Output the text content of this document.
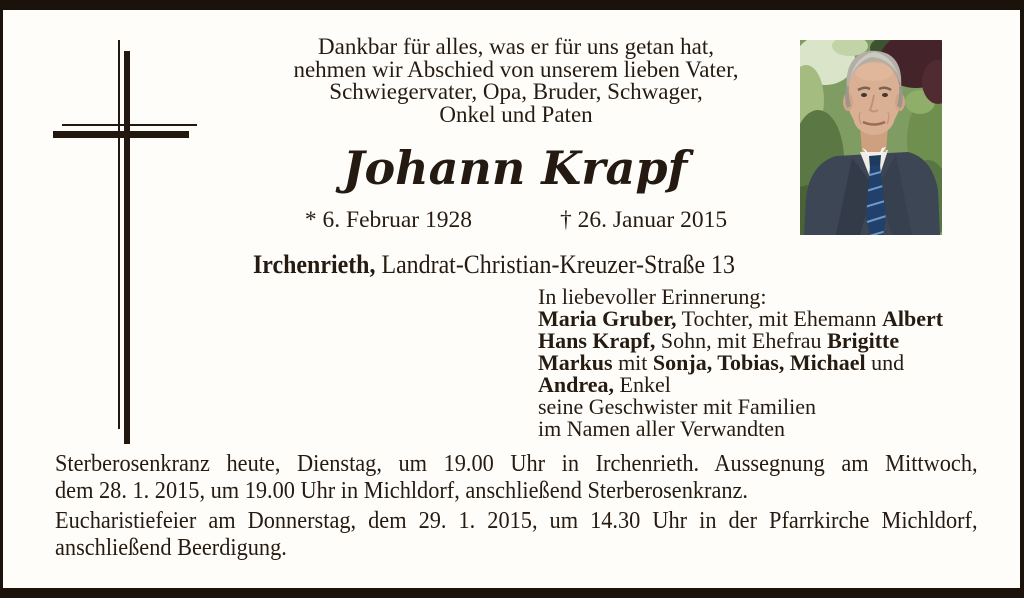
Dankbar für alles, was er für uns getan hat,
nehmen wir Abschied von unserem lieben Vater,
Schwiegervater, Opa, Bruder, Schwager,
Onkel und Paten
Johann Krapf
* 6. Februar 1928	† 26. Januar 2015
Irchenrieth, Landrat-Christian-Kreuzer-Straße 13
In liebevoller Erinnerung:
Maria Gruber, Tochter, mit Ehemann Albert
Hans Krapf, Sohn, mit Ehefrau Brigitte
Markus mit Sonja, Tobias, Michael und
Andrea, Enkel
seine Geschwister mit Familien
im Namen aller Verwandten
Sterberosenkranz heute, Dienstag, um 19.00 Uhr in Irchenrieth. Aussegnung am Mittwoch,
dem 28. 1. 2015, um 19.00 Uhr in Michldorf, anschließend Sterberosenkranz.
Eucharistiefeier am Donnerstag, dem 29. 1. 2015, um 14.30 Uhr in der Pfarrkirche Michldorf,
anschließend Beerdigung.
